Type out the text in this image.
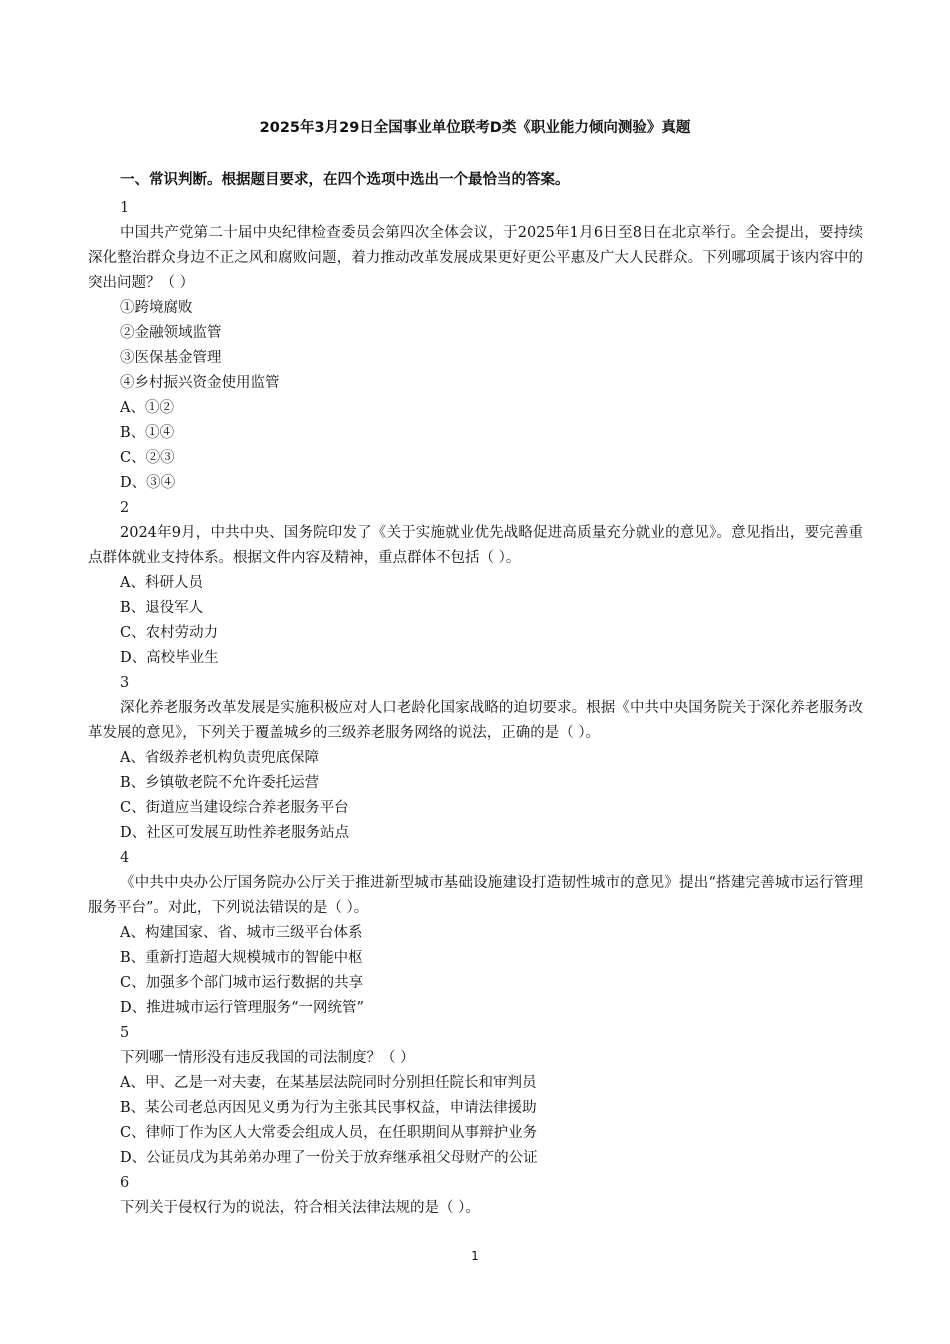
2025年3月29日全国事业单位联考D类《职业能力倾向测验》真题

一、常识判断。根据题目要求，在四个选项中选出一个最恰当的答案。

1

中国共产党第二十届中央纪律检查委员会第四次全体会议，于2025年1月6日至8日在北京举行。全会提出，要持续深化整治群众身边不正之风和腐败问题，着力推动改革发展成果更好更公平惠及广大人民群众。下列哪项属于该内容中的突出问题？（ ）

①跨境腐败

②金融领域监管

③医保基金管理

④乡村振兴资金使用监管

A、①②

B、①④

C、②③

D、③④

2

2024年9月，中共中央、国务院印发了《关于实施就业优先战略促进高质量充分就业的意见》。意见指出，要完善重点群体就业支持体系。根据文件内容及精神，重点群体不包括（ ）。

A、科研人员

B、退役军人

C、农村劳动力

D、高校毕业生

3

深化养老服务改革发展是实施积极应对人口老龄化国家战略的迫切要求。根据《中共中央国务院关于深化养老服务改革发展的意见》，下列关于覆盖城乡的三级养老服务网络的说法，正确的是（ ）。

A、省级养老机构负责兜底保障

B、乡镇敬老院不允许委托运营

C、街道应当建设综合养老服务平台

D、社区可发展互助性养老服务站点

4

《中共中央办公厅国务院办公厅关于推进新型城市基础设施建设打造韧性城市的意见》提出“搭建完善城市运行管理服务平台”。对此，下列说法错误的是（ ）。

A、构建国家、省、城市三级平台体系

B、重新打造超大规模城市的智能中枢

C、加强多个部门城市运行数据的共享

D、推进城市运行管理服务“一网统管”

5

下列哪一情形没有违反我国的司法制度？（ ）

A、甲、乙是一对夫妻，在某基层法院同时分别担任院长和审判员

B、某公司老总丙因见义勇为行为主张其民事权益，申请法律援助

C、律师丁作为区人大常委会组成人员，在任职期间从事辩护业务

D、公证员戊为其弟弟办理了一份关于放弃继承祖父母财产的公证

6

下列关于侵权行为的说法，符合相关法律法规的是（ ）。

1
